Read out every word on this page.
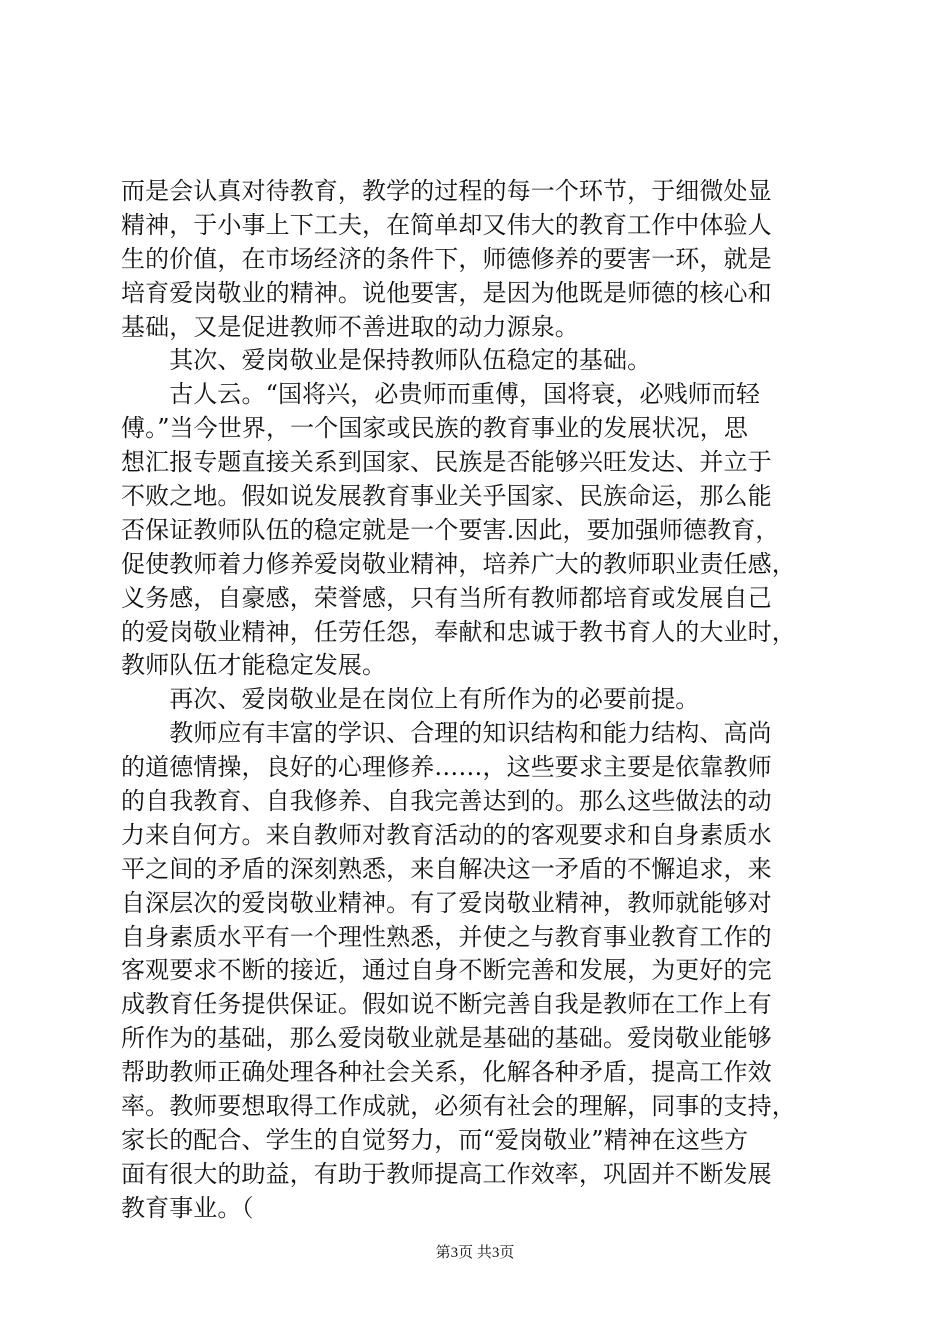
而是会认真对待教育，教学的过程的每一个环节，于细微处显
精神，于小事上下工夫，在简单却又伟大的教育工作中体验人
生的价值，在市场经济的条件下，师德修养的要害一环，就是
培育爱岗敬业的精神。说他要害，是因为他既是师德的核心和
基础，又是促进教师不善进取的动力源泉。
　　其次、爱岗敬业是保持教师队伍稳定的基础。
　　古人云。“国将兴，必贵师而重傅，国将衰，必贱师而轻
傅。”当今世界，一个国家或民族的教育事业的发展状况，思
想汇报专题直接关系到国家、民族是否能够兴旺发达、并立于
不败之地。假如说发展教育事业关乎国家、民族命运，那么能
否保证教师队伍的稳定就是一个要害.因此，要加强师德教育，
促使教师着力修养爱岗敬业精神，培养广大的教师职业责任感，
义务感，自豪感，荣誉感，只有当所有教师都培育或发展自己
的爱岗敬业精神，任劳任怨，奉献和忠诚于教书育人的大业时，
教师队伍才能稳定发展。
　　再次、爱岗敬业是在岗位上有所作为的必要前提。
　　教师应有丰富的学识、合理的知识结构和能力结构、高尚
的道德情操，良好的心理修养……，这些要求主要是依靠教师
的自我教育、自我修养、自我完善达到的。那么这些做法的动
力来自何方。来自教师对教育活动的的客观要求和自身素质水
平之间的矛盾的深刻熟悉，来自解决这一矛盾的不懈追求，来
自深层次的爱岗敬业精神。有了爱岗敬业精神，教师就能够对
自身素质水平有一个理性熟悉，并使之与教育事业教育工作的
客观要求不断的接近，通过自身不断完善和发展，为更好的完
成教育任务提供保证。假如说不断完善自我是教师在工作上有
所作为的基础，那么爱岗敬业就是基础的基础。爱岗敬业能够
帮助教师正确处理各种社会关系，化解各种矛盾，提高工作效
率。教师要想取得工作成就，必须有社会的理解，同事的支持，
家长的配合、学生的自觉努力，而“爱岗敬业”精神在这些方
面有很大的助益，有助于教师提高工作效率，巩固并不断发展
教育事业。（
第3页 共3页
